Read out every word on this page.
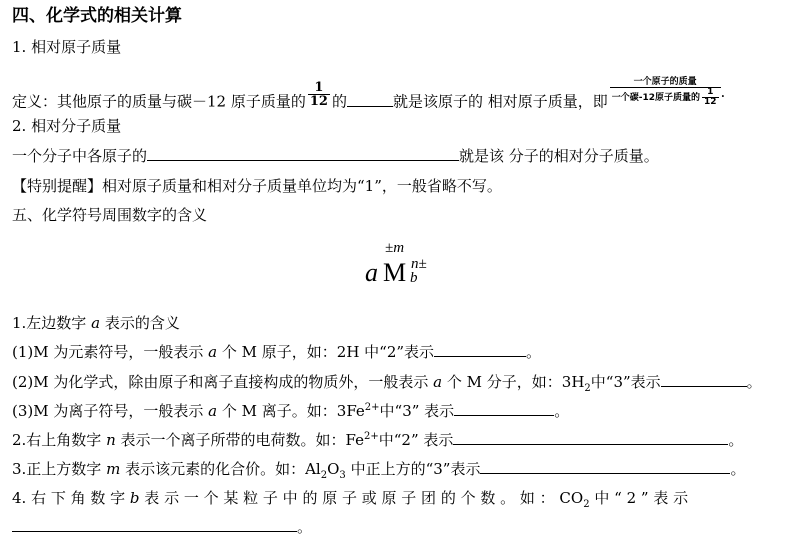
四、化学式的相关计算
1. 相对原子质量
定义：其他原子的质量与碳－12 原子质量的 $\frac{1}{12}$ 的	就是该原子的 相对原子质量，即 $\frac{\text{一个原子的质量}}{一个碳-12原子质量的 \frac{1}{12}}$ .
2. 相对分子质量
一个分子中各原子的	就是该 分子的相对分子质量。
【特别提醒】相对原子质量和相对分子质量单位均为“1”，一般省略不写。
五、化学符号周围数字的含义
±m
a M n±
b
1.左边数字 a 表示的含义
(1)M 为元素符号，一般表示 a 个 M 原子，如：2H 中“2”表示	。
(2)M 为化学式，除由原子和离子直接构成的物质外，一般表示 a 个 M 分子，如：$3H_2$中“3”表示	。
(3)M 为离子符号，一般表示 a 个 M 离子。如：$3Fe^{2+}$中“3” 表示	。
2.右上角数字 n 表示一个离子所带的电荷数。如：$Fe^{2+}$中“2” 表示	。
3.正上方数字 m 表示该元素的化合价。如：$Al_2O_3$ 中正上方的“3”表示	。
4. 右 下 角 数 字 b 表 示 一 个 某 粒 子 中 的 原 子 或 原 子 团 的 个 数 。 如 ： $CO_2$ 中 “ 2 ” 表 示
。
